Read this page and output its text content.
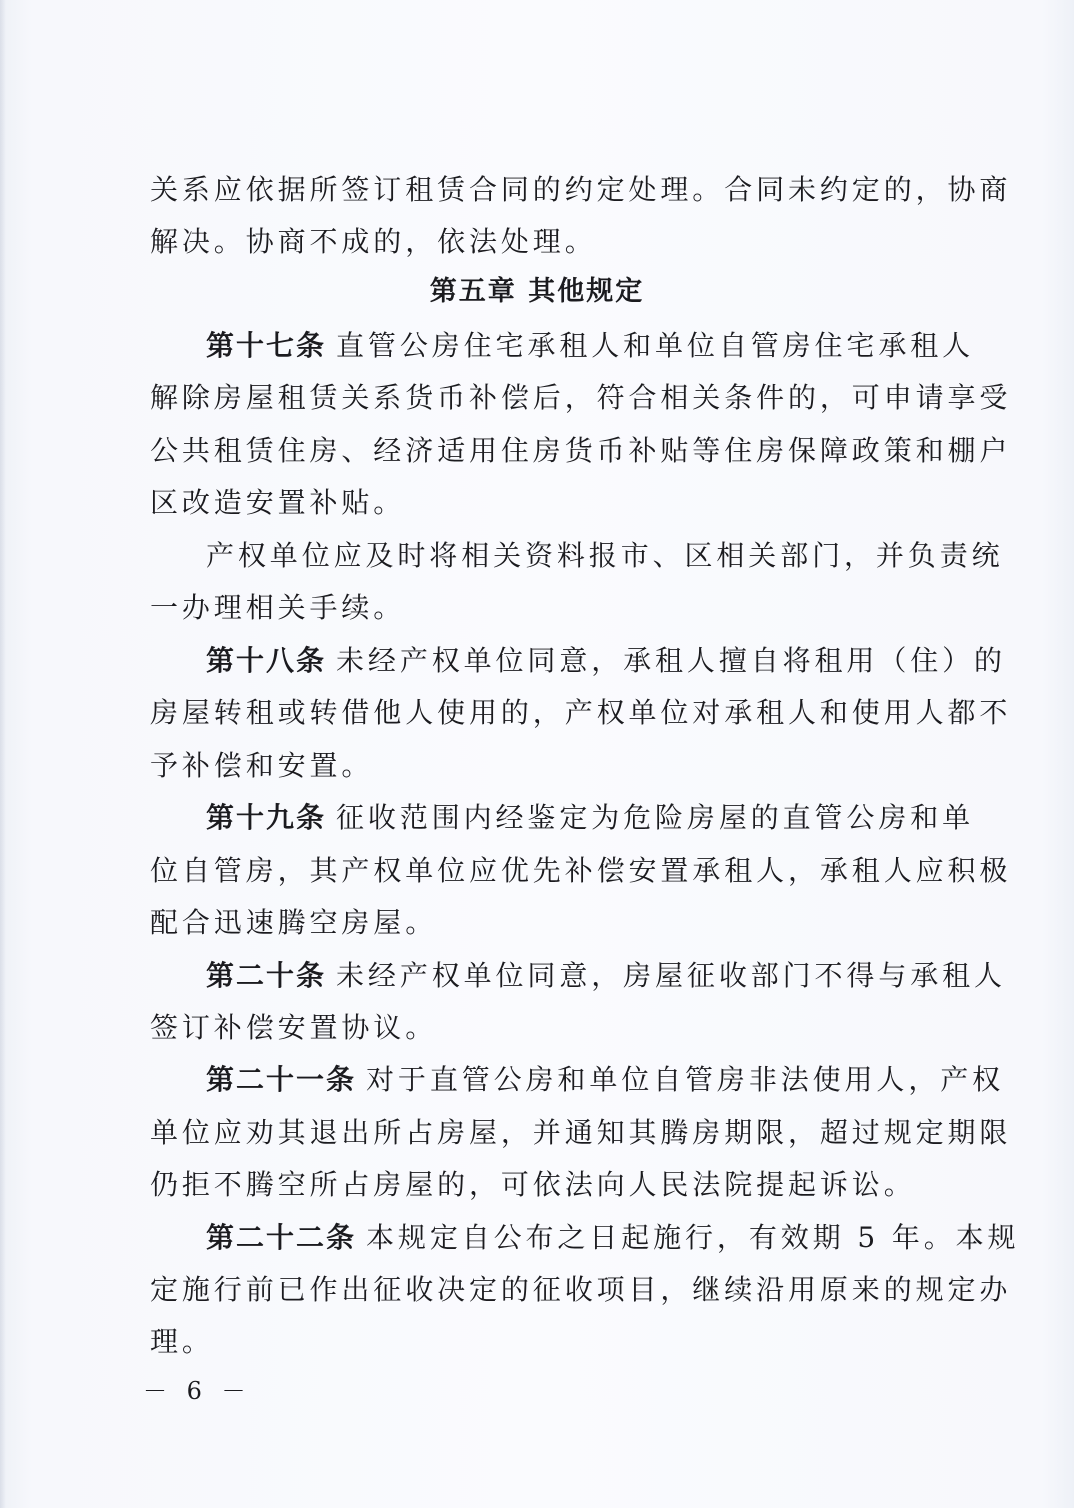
关系应依据所签订租赁合同的约定处理。合同未约定的，协商
解决。协商不成的，依法处理。
第五章 其他规定
第十七条 直管公房住宅承租人和单位自管房住宅承租人
解除房屋租赁关系货币补偿后，符合相关条件的，可申请享受
公共租赁住房、经济适用住房货币补贴等住房保障政策和棚户
区改造安置补贴。
产权单位应及时将相关资料报市、区相关部门，并负责统
一办理相关手续。
第十八条 未经产权单位同意，承租人擅自将租用（住）的
房屋转租或转借他人使用的，产权单位对承租人和使用人都不
予补偿和安置。
第十九条 征收范围内经鉴定为危险房屋的直管公房和单
位自管房，其产权单位应优先补偿安置承租人，承租人应积极
配合迅速腾空房屋。
第二十条 未经产权单位同意，房屋征收部门不得与承租人
签订补偿安置协议。
第二十一条 对于直管公房和单位自管房非法使用人，产权
单位应劝其退出所占房屋，并通知其腾房期限，超过规定期限
仍拒不腾空所占房屋的，可依法向人民法院提起诉讼。
第二十二条 本规定自公布之日起施行，有效期 5 年。本规
定施行前已作出征收决定的征收项目，继续沿用原来的规定办
理。
－ 6 －
